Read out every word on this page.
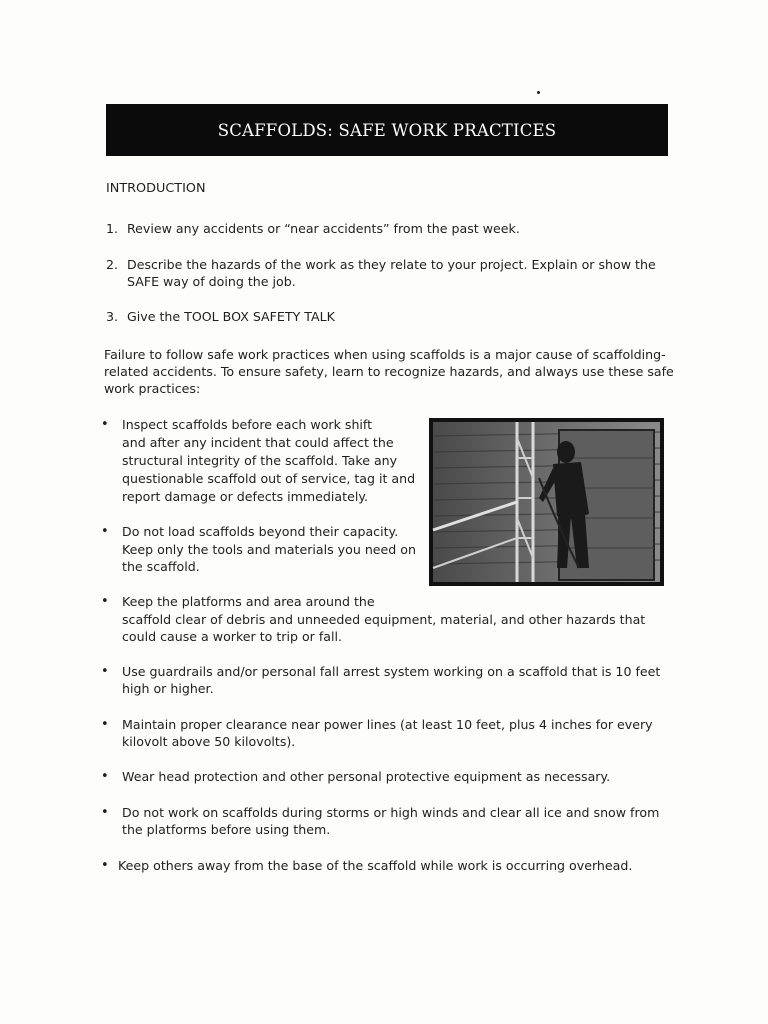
SCAFFOLDS: SAFE WORK PRACTICES
INTRODUCTION
1. Review any accidents or “near accidents” from the past week.
2. Describe the hazards of the work as they relate to your project. Explain or show the
SAFE way of doing the job.
3. Give the TOOL BOX SAFETY TALK
Failure to follow safe work practices when using scaffolds is a major cause of scaffolding-
related accidents. To ensure safety, learn to recognize hazards, and always use these safe
work practices:
• Inspect scaffolds before each work shift
and after any incident that could affect the
structural integrity of the scaffold. Take any
questionable scaffold out of service, tag it and
report damage or defects immediately.
• Do not load scaffolds beyond their capacity.
Keep only the tools and materials you need on
the scaffold.
• Keep the platforms and area around the
scaffold clear of debris and unneeded equipment, material, and other hazards that
could cause a worker to trip or fall.
• Use guardrails and/or personal fall arrest system working on a scaffold that is 10 feet
high or higher.
• Maintain proper clearance near power lines (at least 10 feet, plus 4 inches for every
kilovolt above 50 kilovolts).
• Wear head protection and other personal protective equipment as necessary.
• Do not work on scaffolds during storms or high winds and clear all ice and snow from
the platforms before using them.
• Keep others away from the base of the scaffold while work is occurring overhead.
